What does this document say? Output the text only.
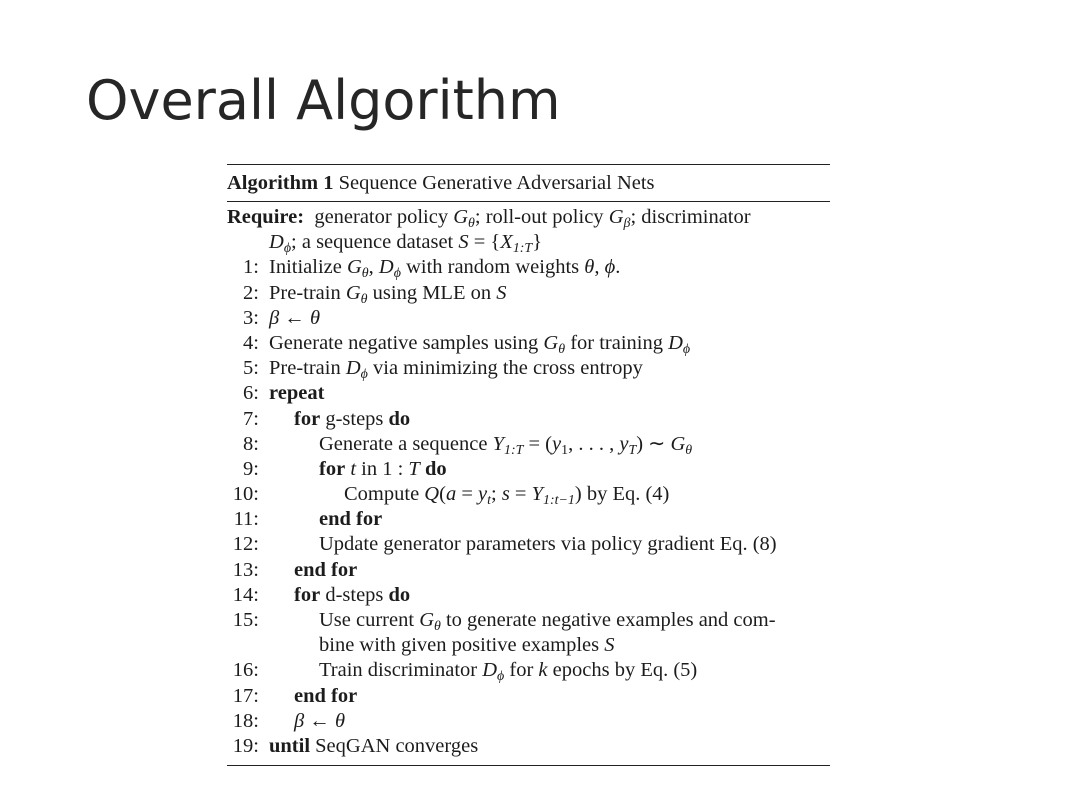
Overall Algorithm
Algorithm 1 Sequence Generative Adversarial Nets
Require: generator policy $G_\theta$; roll-out policy $G_\beta$; discriminator
$D_\phi$; a sequence dataset $S = \{X_{1:T}\}$
1: Initialize $G_\theta$, $D_\phi$ with random weights θ, ϕ.
2: Pre-train $G_\theta$ using MLE on S
3: β ← θ
4: Generate negative samples using $G_\theta$ for training $D_\phi$
5: Pre-train $D_\phi$ via minimizing the cross entropy
6: repeat
7: for g-steps do
8:	Generate a sequence $Y_{1:T} = (y_1$, . . . , $y_T$) ∼ $G_\theta$
9:	for t in 1 : T do
10:	Compute $Q(a = y_t$; $s = Y_{1:t-1}$) by Eq. (4)
11:	end for
12:	Update generator parameters via policy gradient Eq. (8)
13: end for
14: for d-steps do
15:	Use current $G_\theta$ to generate negative examples and com-
bine with given positive examples S
16:	Train discriminator $D_\phi$ for k epochs by Eq. (5)
17: end for
18: β ← θ
19: until SeqGAN converges
